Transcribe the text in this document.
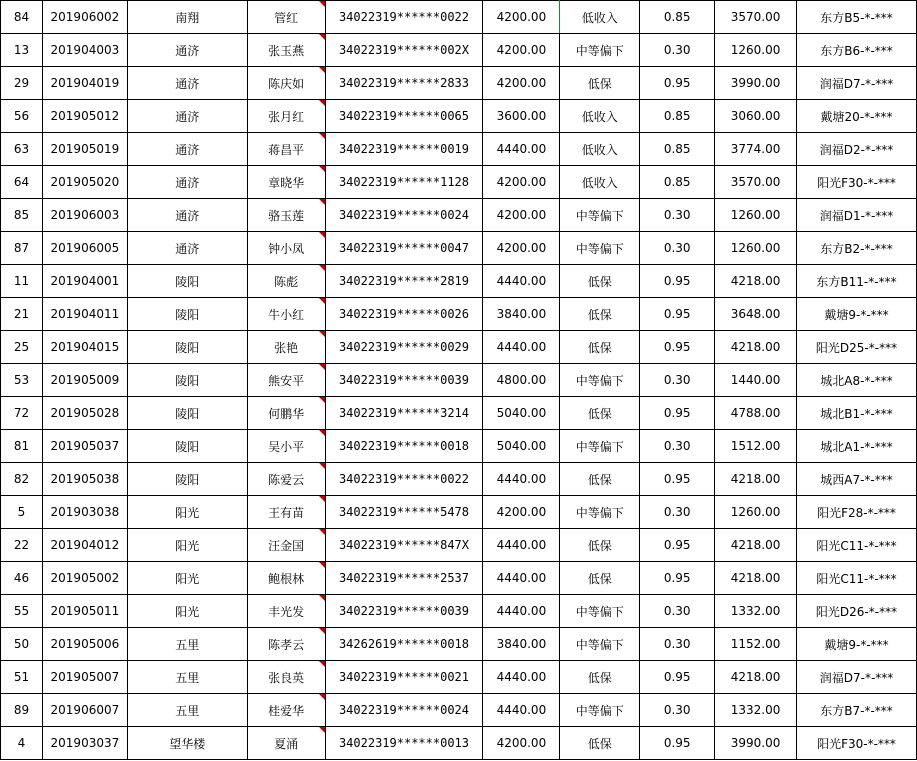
84	201906002	南翔	管红	34022319******0022	4200.00	低收入	0.85	3570.00	东方B5-*-***
13	201904003	通济	张玉燕	34022319******002X	4200.00	中等偏下	0.30	1260.00	东方B6-*-***
29	201904019	通济	陈庆如	34022319******2833	4200.00	低保	0.95	3990.00	润福D7-*-***
56	201905012	通济	张月红	34022319******0065	3600.00	低收入	0.85	3060.00	戴塘20-*-***
63	201905019	通济	蒋昌平	34022319******0019	4440.00	低收入	0.85	3774.00	润福D2-*-***
64	201905020	通济	章晓华	34022319******1128	4200.00	低收入	0.85	3570.00	阳光F30-*-***
85	201906003	通济	骆玉莲	34022319******0024	4200.00	中等偏下	0.30	1260.00	润福D1-*-***
87	201906005	通济	钟小凤	34022319******0047	4200.00	中等偏下	0.30	1260.00	东方B2-*-***
11	201904001	陵阳	陈彪	34022319******2819	4440.00	低保	0.95	4218.00	东方B11-*-***
21	201904011	陵阳	牛小红	34022319******0026	3840.00	低保	0.95	3648.00	戴塘9-*-***
25	201904015	陵阳	张艳	34022319******0029	4440.00	低保	0.95	4218.00	阳光D25-*-***
53	201905009	陵阳	熊安平	34022319******0039	4800.00	中等偏下	0.30	1440.00	城北A8-*-***
72	201905028	陵阳	何鹏华	34022319******3214	5040.00	低保	0.95	4788.00	城北B1-*-***
81	201905037	陵阳	吴小平	34022319******0018	5040.00	中等偏下	0.30	1512.00	城北A1-*-***
82	201905038	陵阳	陈爱云	34022319******0022	4440.00	低保	0.95	4218.00	城西A7-*-***
5	201903038	阳光	王有苗	34022319******5478	4200.00	中等偏下	0.30	1260.00	阳光F28-*-***
22	201904012	阳光	汪金国	34022319******847X	4440.00	低保	0.95	4218.00	阳光C11-*-***
46	201905002	阳光	鲍根林	34022319******2537	4440.00	低保	0.95	4218.00	阳光C11-*-***
55	201905011	阳光	丰光发	34022319******0039	4440.00	中等偏下	0.30	1332.00	阳光D26-*-***
50	201905006	五里	陈孝云	34262619******0018	3840.00	中等偏下	0.30	1152.00	戴塘9-*-***
51	201905007	五里	张良英	34022319******0021	4440.00	低保	0.95	4218.00	润福D7-*-***
89	201906007	五里	桂爱华	34022319******0024	4440.00	中等偏下	0.30	1332.00	东方B7-*-***
4	201903037	望华楼	夏涌	34022319******0013	4200.00	低保	0.95	3990.00	阳光F30-*-***
